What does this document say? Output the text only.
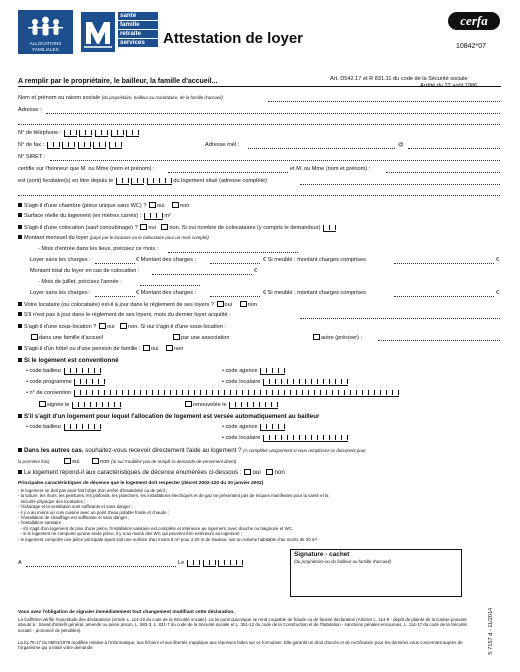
ALLOCATIONS
FAMILIALES
santé
famille
retraite
services	Attestation de loyer
cerfa
10842*07
A remplir par le propriétaire, le bailleur, la famille d'accueil...	Art. D542.17 et R 831.11 du code de la Sécurité sociale
Arrêté du 22 août 1986
Nom et prénom ou raison sociale (du propriétaire, bailleur ou mandataire, de la famille d'accueil)
Adresse :
N° de téléphone :
N° de fax :	Adresse mél :	@
N° SIRET :
certifie sur l'honneur que M. ou Mme (nom et prénom) :	et M. ou Mme (nom et prénom) :
est (sont) locataire(s) en titre depuis le	du logement situé (adresse complète)
S'agit-il d'une chambre (pièce unique sans WC) ? oui	non
Surface réelle du logement (en mètres carrés) :	m²
S'agit-il d'une colocation (sauf concubinage) ? oui non. Si oui nombre de colocataires (y compris le demandeur)
Montant mensuel du loyer (payé par le locataire ou le colocataire pour un mois complet)
- Mois d'entrée dans les lieux, précisez ce mois :
Loyer sans les charges :	€ Montant des charges :	€ Si meublé : montant charges comprises	€
Montant total du loyer en cas de colocation :	€
- Mois de juillet, précisez l'année :
Loyer sans les charges :	€ Montant des charges :	€ Si meublé : montant charges comprises	€
Votre locataire (ou colocataire) est-il à jour dans le règlement de ses loyers ? oui	non
S'il n'est pas à jour dans le règlement de ses loyers, mois du dernier loyer acquitté :
S'agit-il d'une sous-location ? oui non. Si oui s'agit-il d'une sous-location :
dans une famille d'accueil	par une association	autre (préciser) :
S'agit-il d'un hôtel ou d'une pension de famille : oui	non
Si le logement est conventionné
• code bailleur	• code agence
• code programme	• code locataire
• n° de convention
signée le	renouvelée le
S'il s'agit d'un logement pour lequel l'allocation de logement est versée automatiquement au bailleur
• code bailleur	• code agence
• code locataire
Dans les autres cas, souhaitez-vous recevoir directement l'aide au logement ? (A compléter uniquement si vous remplissez ce document pour
la première fois)	oui	non (Si oui n'oubliez pas de remplir la demande de versement direct)
Le logement répond-il aux caractéristiques de décence énumérées ci-dessous : oui non
Principales caractéristiques de décence que le logement doit respecter (décret 2002-120 du 30 janvier 2002)
- le logement ne doit pas avoir fait l'objet d'un arrêté d'insalubrité ou de péril ;
- la toiture, les murs, les peintures, les plafonds, les planchers, les installations électriques et de gaz ne présentent pas de risques manifestes pour la santé et la
sécurité physique des locataires ;
- l'éclairage et la ventilation sont suffisants et sans danger ;
- il y a au moins un coin cuisine avec un point d'eau potable froide et chaude ;
- l'installation de chauffage est suffisante et sans danger ;
- l'installation sanitaire :
- s'il s'agit d'un logement de plus d'une pièce, l'installation sanitaire est complète et intérieure au logement, avec douche ou baignoire et WC,
- si le logement ne comporte qu'une seule pièce, il y a au moins des WC qui peuvent être extérieurs au logement ;
- le logement comporte une pièce principale ayant soit une surface d'au moins 9 m² pour 2,20 m de hauteur, soit un volume habitable d'au moins de 20 m³.
A	Le

Signature - cachet
(du propriétaire ou du bailleur ou famille d'accueil)
S 7157 d - 11/2014
Vous avez l'obligation de signaler immédiatement tout changement modifiant cette déclaration.
La Caf/MSA vérifie l'exactitude des déclarations (Article L. 114-19 du code de la Sécurité sociale). La loi punit quiconque se rend coupable de fraude ou de fausse déclaration (Articles L. 114-9 - dépôt de plainte de la Caisse pouvant aboutir à : travail d'intérêt général, amende ou peine prison, L. 583-3, L. 831-7 du code de la Sécurité sociale et L. 351-12 du code de la Construction et de l'habitation - sanctions pénales encourues, L. 114-17 du code de la Sécurité sociale - prononcé de pénalités).
La loi 78-17 du 06/01/1978 modifiée relative à l'informatique, aux fichiers et aux libertés s'applique aux réponses faites sur ce formulaire. Elle garantit un droit d'accès et de rectification pour les données vous concernant auprès de l'organisme qui a traité votre demande.
